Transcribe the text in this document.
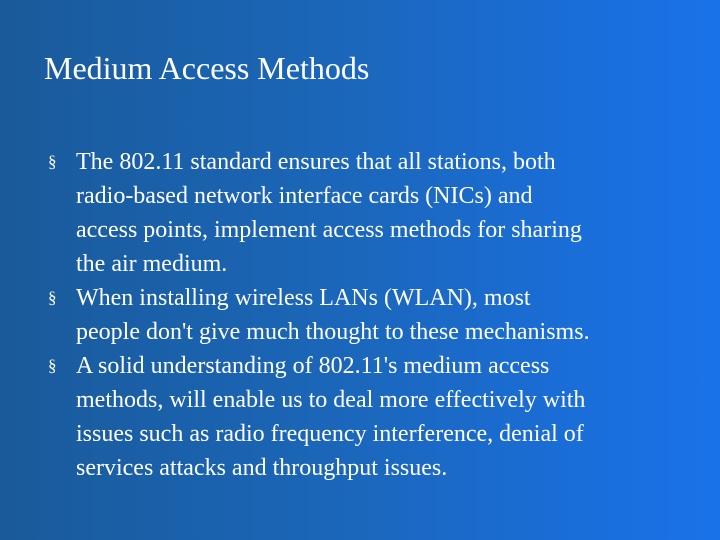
Medium Access Methods
§ The 802.11 standard ensures that all stations, both
radio-based network interface cards (NICs) and
access points, implement access methods for sharing
the air medium.
§ When installing wireless LANs (WLAN), most
people don't give much thought to these mechanisms.
§ A solid understanding of 802.11's medium access
methods, will enable us to deal more effectively with
issues such as radio frequency interference, denial of
services attacks and throughput issues.
